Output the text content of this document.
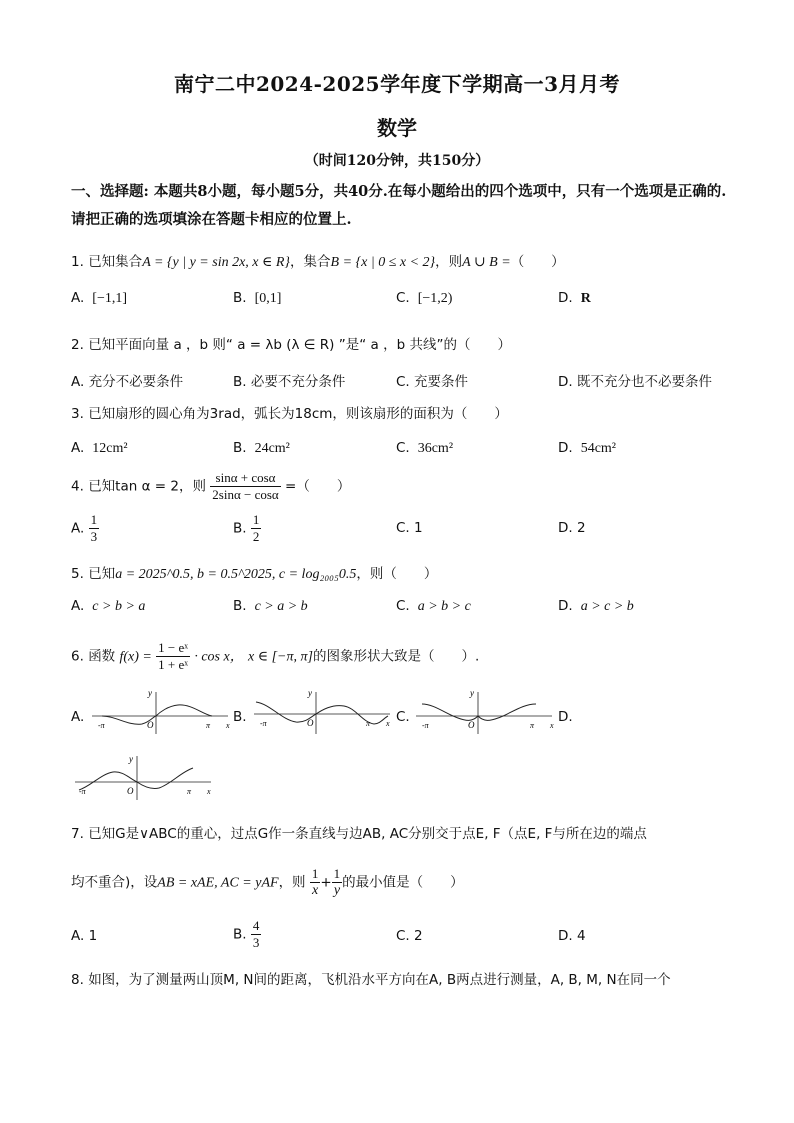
南宁二中2024-2025学年度下学期高一3月月考
数学
（时间120分钟，共150分）
一、选择题: 本题共8小题，每小题5分，共40分.在每小题给出的四个选项中，只有一个选项是正确的.请把正确的选项填涂在答题卡相应的位置上.
1. 已知集合A = {y | y = sin 2x, x ∈ R}，集合B = {x | 0 ≤ x < 2}，则A ∪ B =（　　）
A. [−1,1]	B. [0,1]	C. [−1,2)	D. R
2. 已知平面向量 a ，b 则“ a = λb (λ ∈ R) ”是“ a ，b 共线”的（　　）
A. 充分不必要条件	B. 必要不充分条件	C. 充要条件	D. 既不充分也不必要条件
3. 已知扇形的圆心角为3rad，弧长为18cm，则该扇形的面积为（　　）
A. 12cm²	B. 24cm²	C. 36cm²	D. 54cm²
4. 已知tan α = 2，则 $\frac{\sin\alpha + \cos\alpha}{2\sin\alpha - \cos\alpha}$ =（　　）
A. $\frac{1}{3}$	B. $\frac{1}{2}$	C. 1	D. 2
5. 已知a = 2025^0.5, b = 0.5^2025, c = log₂₀₀₅0.5，则（　　）
A. c > b > a	B. c > a > b	C. a > b > c	D. a > c > b
6. 函数 $f(x) = \frac{\text{1 − eˣ}}{\text{1 + eˣ}} \cdot \cos x$， x ∈ [−π, π]的图象形状大致是（　　）.
A.	B.	C.	D.
y
O
-π	π x
y
O
-π	π x
y
O
-π	π x
y
O
-π	π x
7. 已知G是∨ABC的重心，过点G作一条直线与边AB, AC分别交于点E, F（点E, F与所在边的端点
均不重合)，设AB = xAE, AC = yAF，则 $\frac{1}{x} + \frac{1}{y}$ 的最小值是（　　）
A. 1	B. $\frac{4}{3}$	C. 2	D. 4
8. 如图，为了测量两山顶M, N间的距离，飞机沿水平方向在A, B两点进行测量，A, B, M, N在同一个
